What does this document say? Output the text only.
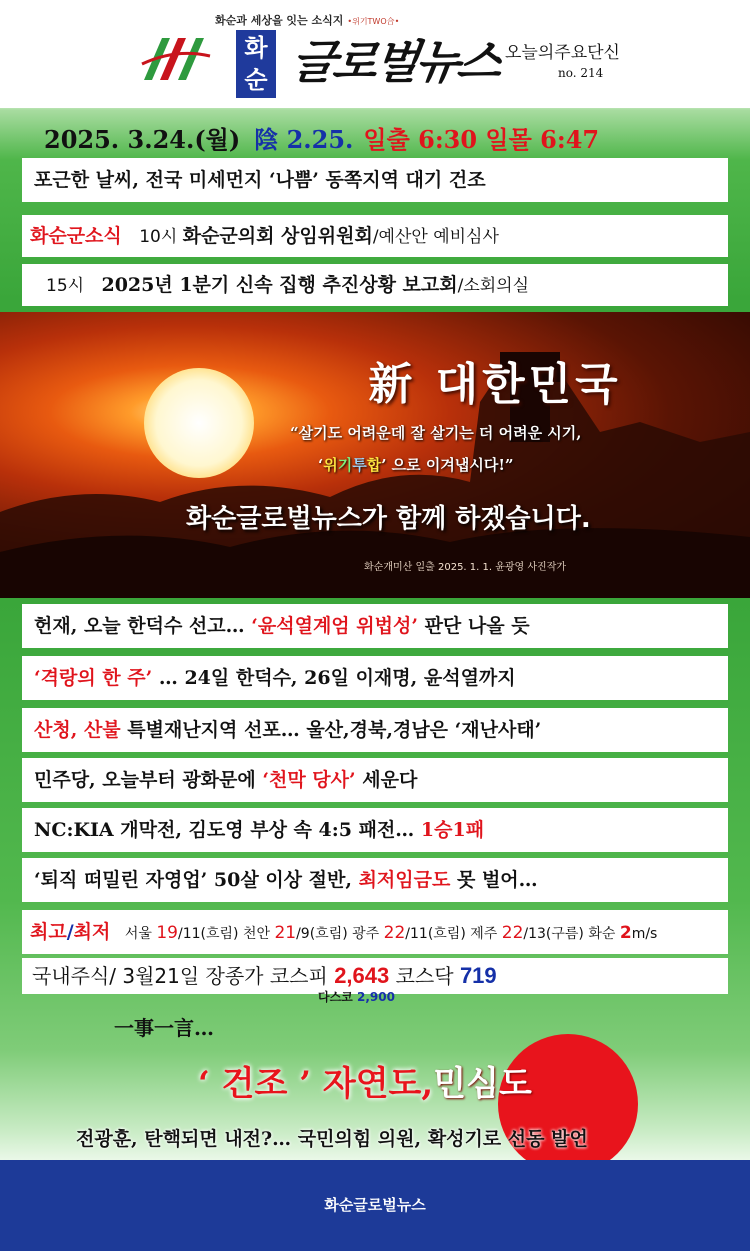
화순과 세상을 잇는 소식지 •위기TWO合•
화
순 글로벌뉴스 오늘의주요단신
no. 214
2025. 3.24.(월) 陰 2.25. 일출 6:30 일몰 6:47
포근한 날씨, 전국 미세먼지 ‘나쁨’ 동쪽지역 대기 건조
화순군소식 10시 화순군의회 상임위원회/예산안 예비심사
15시 2025년 1분기 신속 집행 추진상황 보고회/소회의실
新 대한민국
“살기도 어려운데 잘 살기는 더 어려운 시기,
‘위기투합’ 으로 이겨냅시다!”
화순글로벌뉴스가 함께 하겠습니다.
화순개미산 일출 2025. 1. 1. 윤광영 사진작가
헌재, 오늘 한덕수 선고… ‘윤석열계엄 위법성’ 판단 나올 듯
‘격랑의 한 주’ … 24일 한덕수, 26일 이재명, 윤석열까지
산청, 산불 특별재난지역 선포… 울산,경북,경남은 ‘재난사태’
민주당, 오늘부터 광화문에 ‘천막 당사’ 세운다
NC:KIA 개막전, 김도영 부상 속 4:5 패전… 1승1패
‘퇴직 떠밀린 자영업’ 50살 이상 절반, 최저임금도 못 벌어…
최고/최저 서울 19/11(흐림) 천안 21/9(흐림) 광주 22/11(흐림) 제주 22/13(구름) 화순 2m/s
국내주식/ 3월21일 장종가 코스피 2,643 코스닥 719
다스코 2,900
一事一言…
‘ 건조 ’ 자연도,민심도
전광훈, 탄핵되면 내전?… 국민의힘 의원, 확성기로 선동 발언
화순글로벌뉴스
